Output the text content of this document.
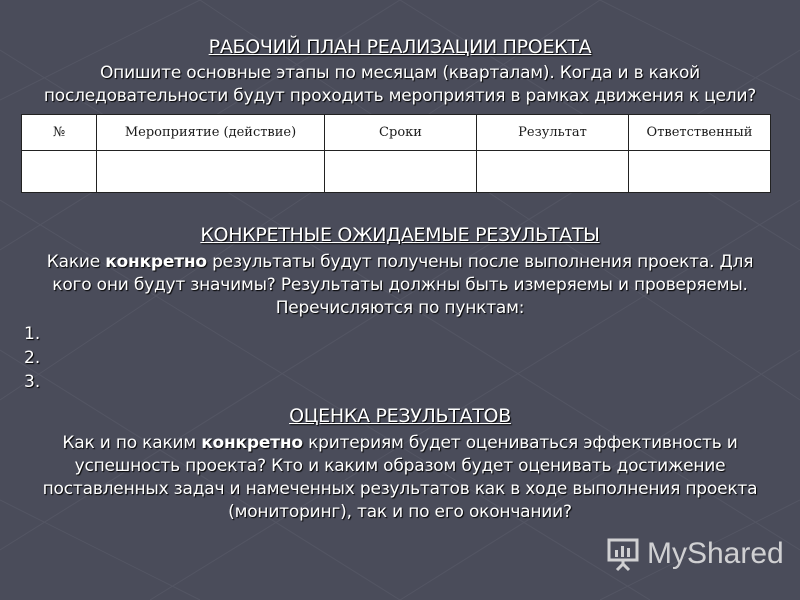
РАБОЧИЙ ПЛАН РЕАЛИЗАЦИИ ПРОЕКТА
Опишите основные этапы по месяцам (кварталам). Когда и в какой
последовательности будут проходить мероприятия в рамках движения к цели?
№	Мероприятие (действие)	Сроки	Результат	Ответственный

КОНКРЕТНЫЕ ОЖИДАЕМЫЕ РЕЗУЛЬТАТЫ
Какие конкретно результаты будут получены после выполнения проекта. Для
кого они будут значимы? Результаты должны быть измеряемы и проверяемы.
Перечисляются по пунктам:
1.
2.
3.
ОЦЕНКА РЕЗУЛЬТАТОВ
Как и по каким конкретно критериям будет оцениваться эффективность и
успешность проекта? Кто и каким образом будет оценивать достижение
поставленных задач и намеченных результатов как в ходе выполнения проекта
(мониторинг), так и по его окончании?
MyShared
